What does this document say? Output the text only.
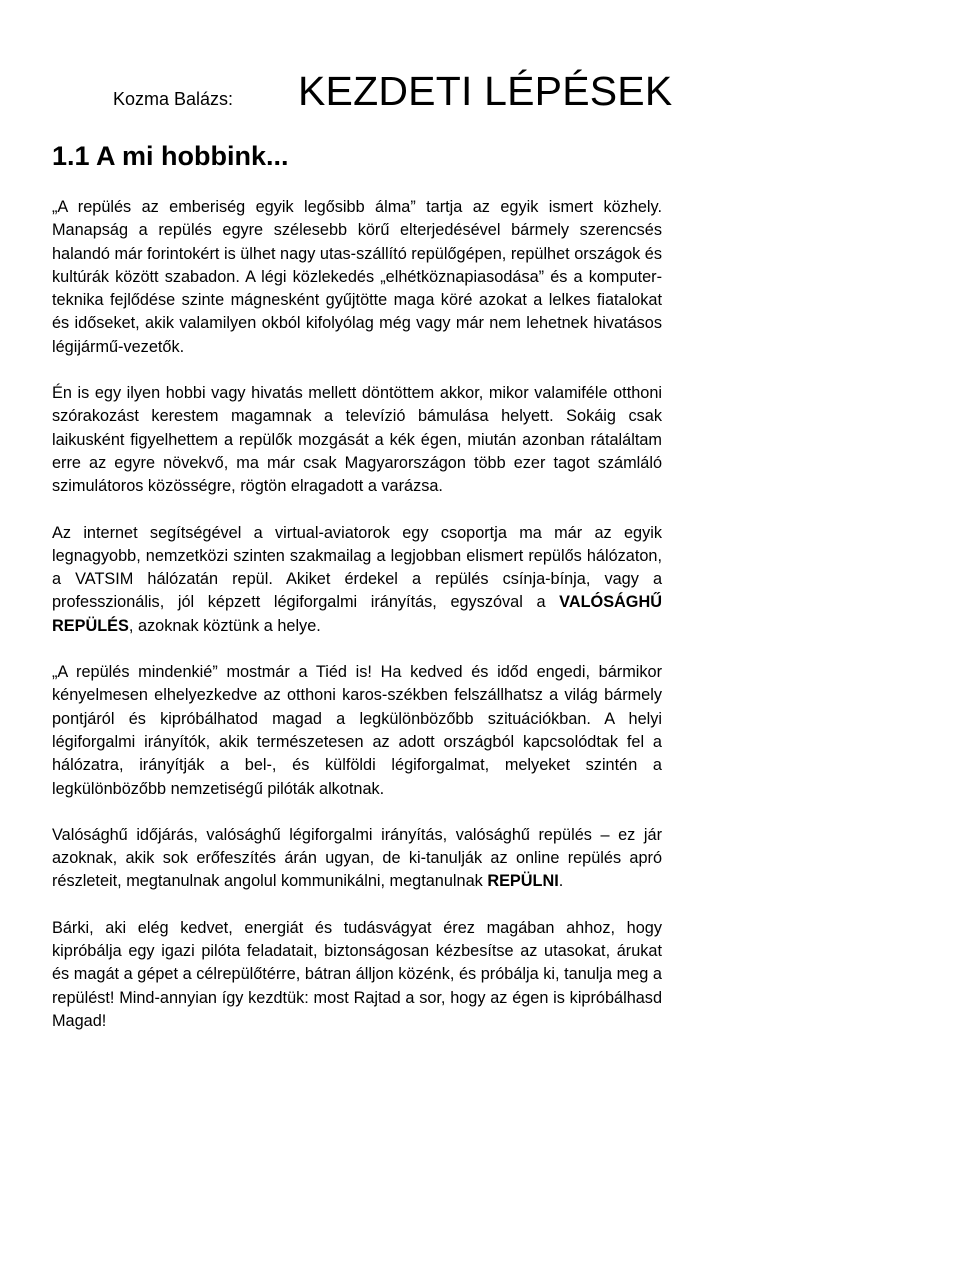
Kozma Balázs: KEZDETI LÉPÉSEK
1.1 A mi hobbink...

„A repülés az emberiség egyik legősibb álma” tartja az egyik ismert közhely. Manapság a repülés egyre szélesebb körű elterjedésével bármely szerencsés halandó már forintokért is ülhet nagy utas-szállító repülőgépen, repülhet országok és kultúrák között szabadon. A légi közlekedés „elhétköznapiasodása” és a komputer-teknika fejlődése szinte mágnesként gyűjtötte maga köré azokat a lelkes fiatalokat és időseket, akik valamilyen okból kifolyólag még vagy már nem lehetnek hivatásos légijármű-vezetők.

Én is egy ilyen hobbi vagy hivatás mellett döntöttem akkor, mikor valamiféle otthoni szórakozást kerestem magamnak a televízió bámulása helyett. Sokáig csak laikusként figyelhettem a repülők mozgását a kék égen, miután azonban rátaláltam erre az egyre növekvő, ma már csak Magyarországon több ezer tagot számláló szimulátoros közösségre, rögtön elragadott a varázsa.

Az internet segítségével a virtual-aviatorok egy csoportja ma már az egyik legnagyobb, nemzetközi szinten szakmailag a legjobban elismert repülős hálózaton, a VATSIM hálózatán repül. Akiket érdekel a repülés csínja-bínja, vagy a professzionális, jól képzett légiforgalmi irányítás, egyszóval a VALÓSÁGHŰ REPÜLÉS, azoknak köztünk a helye.

„A repülés mindenkié” mostmár a Tiéd is! Ha kedved és időd engedi, bármikor kényelmesen elhelyezkedve az otthoni karos-székben felszállhatsz a világ bármely pontjáról és kipróbálhatod magad a legkülönbözőbb szituációkban. A helyi légiforgalmi irányítók, akik természetesen az adott országból kapcsolódtak fel a hálózatra, irányítják a bel-, és külföldi légiforgalmat, melyeket szintén a legkülönbözőbb nemzetiségű pilóták alkotnak.

Valósághű időjárás, valósághű légiforgalmi irányítás, valósághű repülés – ez jár azoknak, akik sok erőfeszítés árán ugyan, de ki-tanulják az online repülés apró részleteit, megtanulnak angolul kommunikálni, megtanulnak REPÜLNI.

Bárki, aki elég kedvet, energiát és tudásvágyat érez magában ahhoz, hogy kipróbálja egy igazi pilóta feladatait, biztonságosan kézbesítse az utasokat, árukat és magát a gépet a célrepülőtérre, bátran álljon közénk, és próbálja ki, tanulja meg a repülést! Mind-annyian így kezdtük: most Rajtad a sor, hogy az égen is kipróbálhasd Magad!
